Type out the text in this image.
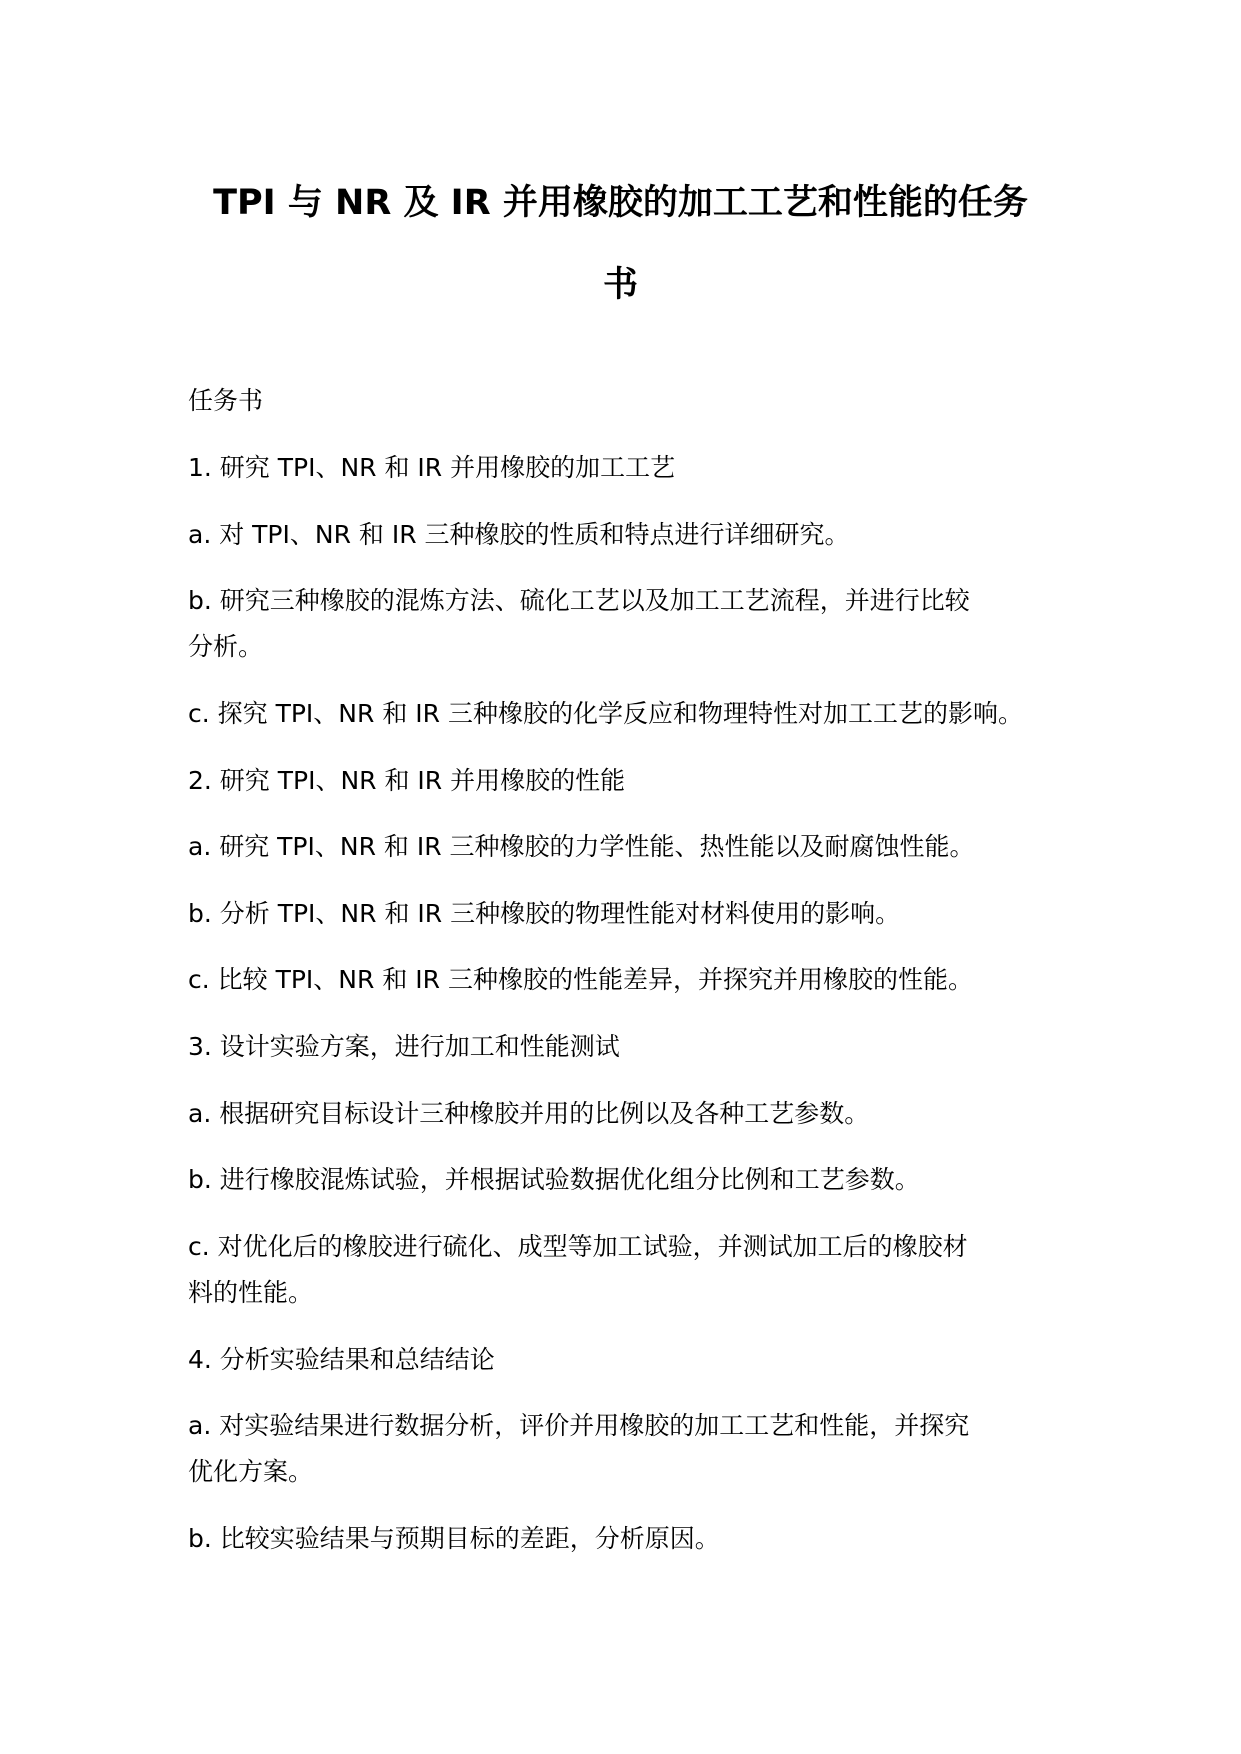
TPI 与 NR 及 IR 并用橡胶的加工工艺和性能的任务
书
任务书
1. 研究 TPI、NR 和 IR 并用橡胶的加工工艺
a. 对 TPI、NR 和 IR 三种橡胶的性质和特点进行详细研究。
b. 研究三种橡胶的混炼方法、硫化工艺以及加工工艺流程，并进行比较
分析。
c. 探究 TPI、NR 和 IR 三种橡胶的化学反应和物理特性对加工工艺的影响。
2. 研究 TPI、NR 和 IR 并用橡胶的性能
a. 研究 TPI、NR 和 IR 三种橡胶的力学性能、热性能以及耐腐蚀性能。
b. 分析 TPI、NR 和 IR 三种橡胶的物理性能对材料使用的影响。
c. 比较 TPI、NR 和 IR 三种橡胶的性能差异，并探究并用橡胶的性能。
3. 设计实验方案，进行加工和性能测试
a. 根据研究目标设计三种橡胶并用的比例以及各种工艺参数。
b. 进行橡胶混炼试验，并根据试验数据优化组分比例和工艺参数。
c. 对优化后的橡胶进行硫化、成型等加工试验，并测试加工后的橡胶材
料的性能。
4. 分析实验结果和总结结论
a. 对实验结果进行数据分析，评价并用橡胶的加工工艺和性能，并探究
优化方案。
b. 比较实验结果与预期目标的差距，分析原因。
